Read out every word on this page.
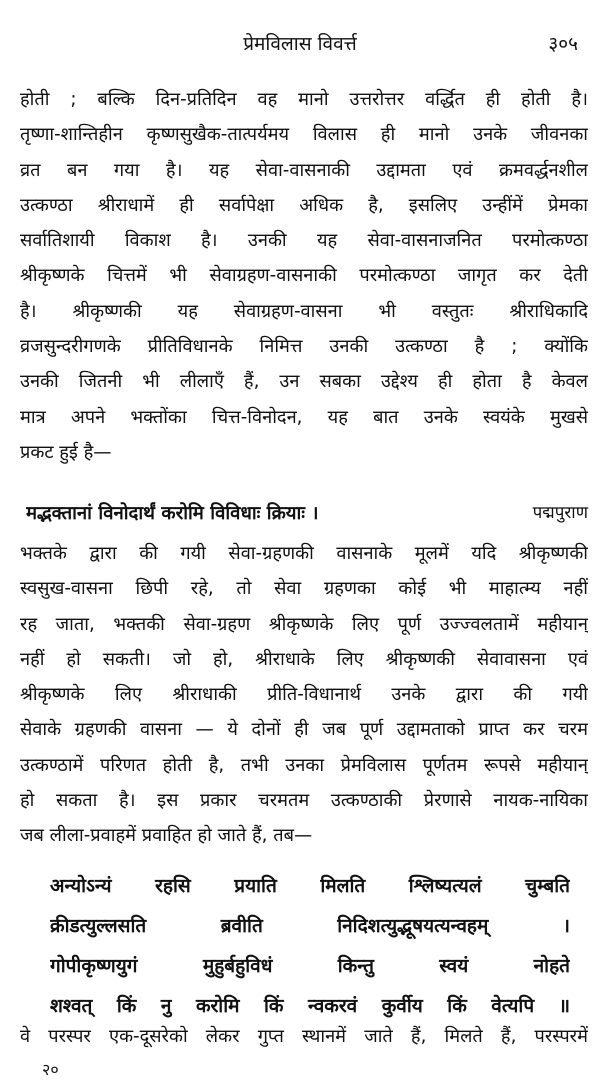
प्रेमविलास विवर्त्त	३०५
होती ; बल्कि दिन-प्रतिदिन वह मानो उत्तरोत्तर वर्द्धित ही होती है।
तृष्णा-शान्तिहीन कृष्णसुखैक-तात्पर्यमय विलास ही मानो उनके जीवनका
व्रत बन गया है। यह सेवा-वासनाकी उद्दामता एवं क्रमवर्द्धनशील
उत्कण्ठा श्रीराधामें ही सर्वापेक्षा अधिक है, इसलिए उन्हींमें प्रेमका
सर्वातिशायी विकाश है। उनकी यह सेवा-वासनाजनित परमोत्कण्ठा
श्रीकृष्णके चित्तमें भी सेवाग्रहण-वासनाकी परमोत्कण्ठा जागृत कर देती
है। श्रीकृष्णकी यह सेवाग्रहण-वासना भी वस्तुतः श्रीराधिकादि
व्रजसुन्दरीगणके प्रीतिविधानके निमित्त उनकी उत्कण्ठा है ; क्योंकि
उनकी जितनी भी लीलाएँ हैं, उन सबका उद्देश्य ही होता है केवल
मात्र अपने भक्तोंका चित्त-विनोदन, यह बात उनके स्वयंके मुखसे
प्रकट हुई है—
मद्भक्तानां विनोदार्थं करोमि विविधाः क्रियाः ।	पद्मपुराण
भक्तके द्वारा की गयी सेवा-ग्रहणकी वासनाके मूलमें यदि श्रीकृष्णकी
स्वसुख-वासना छिपी रहे, तो सेवा ग्रहणका कोई भी माहात्म्य नहीं
रह जाता, भक्तकी सेवा-ग्रहण श्रीकृष्णके लिए पूर्ण उज्ज्वलतामें महीयान्
नहीं हो सकती। जो हो, श्रीराधाके लिए श्रीकृष्णकी सेवावासना एवं
श्रीकृष्णके लिए श्रीराधाकी प्रीति-विधानार्थ उनके द्वारा की गयी
सेवाके ग्रहणकी वासना — ये दोनों ही जब पूर्ण उद्दामताको प्राप्त कर चरम
उत्कण्ठामें परिणत होती है, तभी उनका प्रेमविलास पूर्णतम रूपसे महीयान्
हो सकता है। इस प्रकार चरमतम उत्कण्ठाकी प्रेरणासे नायक-नायिका
जब लीला-प्रवाहमें प्रवाहित हो जाते हैं, तब—
अन्योऽन्यं रहसि प्रयाति मिलति श्लिष्यत्यलं चुम्बति
क्रीडत्युल्लसति ब्रवीति निदिशत्युद्भूषयत्यन्वहम् ।
गोपीकृष्णयुगं मुहुर्बहुविधं किन्तु स्वयं नोहते
शश्वत् किं नु करोमि किं न्वकरवं कुर्वीय किं वेत्यपि ॥
वे परस्पर एक-दूसरेको लेकर गुप्त स्थानमें जाते हैं, मिलते हैं, परस्परमें
२०
